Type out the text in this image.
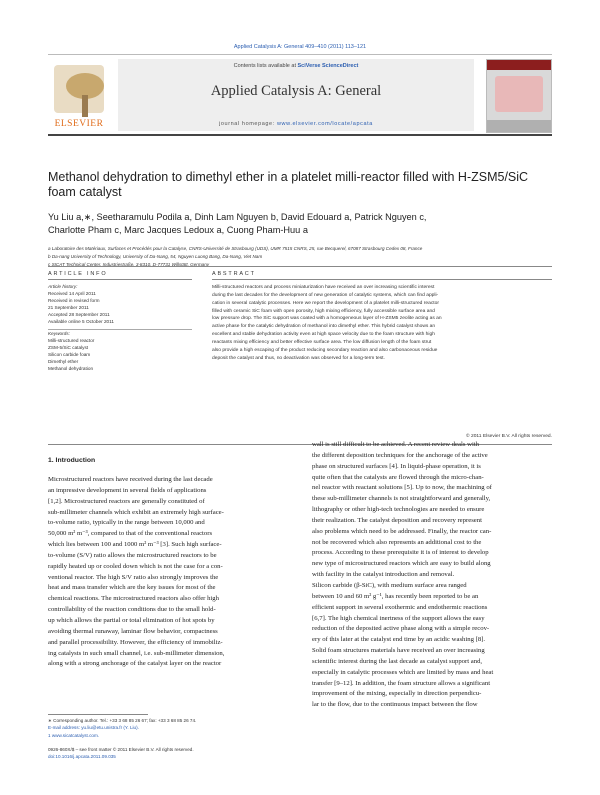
Applied Catalysis A: General 409–410 (2011) 113–121
ELSEVIER
Contents lists available at SciVerse ScienceDirect
Applied Catalysis A: General
journal homepage: www.elsevier.com/locate/apcata
Methanol dehydration to dimethyl ether in a platelet milli-reactor filled with H-ZSM5/SiC foam catalyst
Yu Liu a,∗, Seetharamulu Podila a, Dinh Lam Nguyen b, David Edouard a, Patrick Nguyen c,
Charlotte Pham c, Marc Jacques Ledoux a, Cuong Pham-Huu a
a Laboratoire des Matériaux, Surfaces et Procédés pour la Catalyse, CNRS-Université de Strasbourg (UDS), UMR 7515 CNRS, 25, rue Becquerel, 67087 Strasbourg Cedex 08, France
b Da-nang University of Technology, University of Da-Nang, 54, Nguyen Luong Bang, Da-Nang, Viet Nam
c SICAT Technical Center, Industriestraße, 3-8310, D-77731 Willstätt, Germany
ARTICLE INFO	ABSTRACT
Article history:
Received 14 April 2011
Received in revised form
21 September 2011
Accepted 28 September 2011
Available online 5 October 2011
Keywords:
Milli-structured reactor
ZSM-5/SiC catalyst
Silicon carbide foam
Dimethyl ether
Methanol dehydration
Milli-structured reactors and process miniaturization have received an over increasing scientific interest
during the last decades for the development of new generation of catalytic systems, which can find appli-
cation in several catalytic processes. Here we report the development of a platelet milli-structured reactor
filled with ceramic SiC foam with open porosity, high mixing efficiency, fully accessible surface area and
low pressure drop. The SiC support was coated with a homogeneous layer of H-ZSM5 zeolite acting as an
active phase for the catalytic dehydration of methanol into dimethyl ether. This hybrid catalyst shows an
excellent and stable dehydration activity even at high space velocity due to the foam structure with high
reactants mixing efficiency and better effective surface area. The low diffusion length of the foam strut
also provide a high escaping of the product reducing secondary reaction and also carbonaceous residue
deposit the catalyst and thus, no deactivation was observed for a long-term test.
© 2011 Elsevier B.V. All rights reserved.
1. Introduction
Microstructured reactors have received during the last decade
an impressive development in several fields of applications
[1,2]. Microstructured reactors are generally constituted of
sub-millimeter channels which exhibit an extremely high surface-
to-volume ratio, typically in the range between 10,000 and
50,000 m² m⁻³, compared to that of the conventional reactors
which lies between 100 and 1000 m² m⁻³ [3]. Such high surface-
to-volume (S/V) ratio allows the microstructured reactors to be
rapidly heated up or cooled down which is not the case for a con-
ventional reactor. The high S/V ratio also strongly improves the
heat and mass transfer which are the key issues for most of the
chemical reactions. The microstructured reactors also offer high
controllability of the reaction conditions due to the small hold-
up which allows the partial or total elimination of hot spots by
avoiding thermal runaway, laminar flow behavior, compactness
and parallel processibility. However, the efficiency of immobiliz-
ing catalysts in such small channel, i.e. sub-millimeter dimension,
along with a strong anchorage of the catalyst layer on the reactor
wall is still difficult to be achieved. A recent review deals with
the different deposition techniques for the anchorage of the active
phase on structured surfaces [4]. In liquid-phase operation, it is
quite often that the catalysts are flowed through the micro-chan-
nel reactor with reactant solutions [5]. Up to now, the machining of
these sub-millimeter channels is not straightforward and generally,
lithography or other high-tech technologies are needed to ensure
their realization. The catalyst deposition and recovery represent
also problems which need to be addressed. Finally, the reactor can-
not be recovered which also represents an additional cost to the
process. According to these prerequisite it is of interest to develop
new type of microstructured reactors which are easy to build along
with facility in the catalyst introduction and removal.
Silicon carbide (β-SiC), with medium surface area ranged
between 10 and 60 m² g⁻¹, has recently been reported to be an
efficient support in several exothermic and endothermic reactions
[6,7]. The high chemical inertness of the support allows the easy
reduction of the deposited active phase along with a simple recov-
ery of this later at the catalyst end time by an acidic washing [8].
Solid foam structures materials have received an over increasing
scientific interest during the last decade as catalyst support and,
especially in catalytic processes which are limited by mass and heat
transfer [9–12]. In addition, the foam structure allows a significant
improvement of the mixing, especially in direction perpendicu-
lar to the flow, due to the continuous impact between the flow
∗ Corresponding author. Tel.: +33 3 68 85 26 67; fax: +33 3 68 85 26 74.
E-mail address: yu.liu@etu.unistra.fr (Y. Liu).
1 www.sicatcatalyst.com.
0926-860X/$ – see front matter © 2011 Elsevier B.V. All rights reserved.
doi:10.1016/j.apcata.2011.09.035
